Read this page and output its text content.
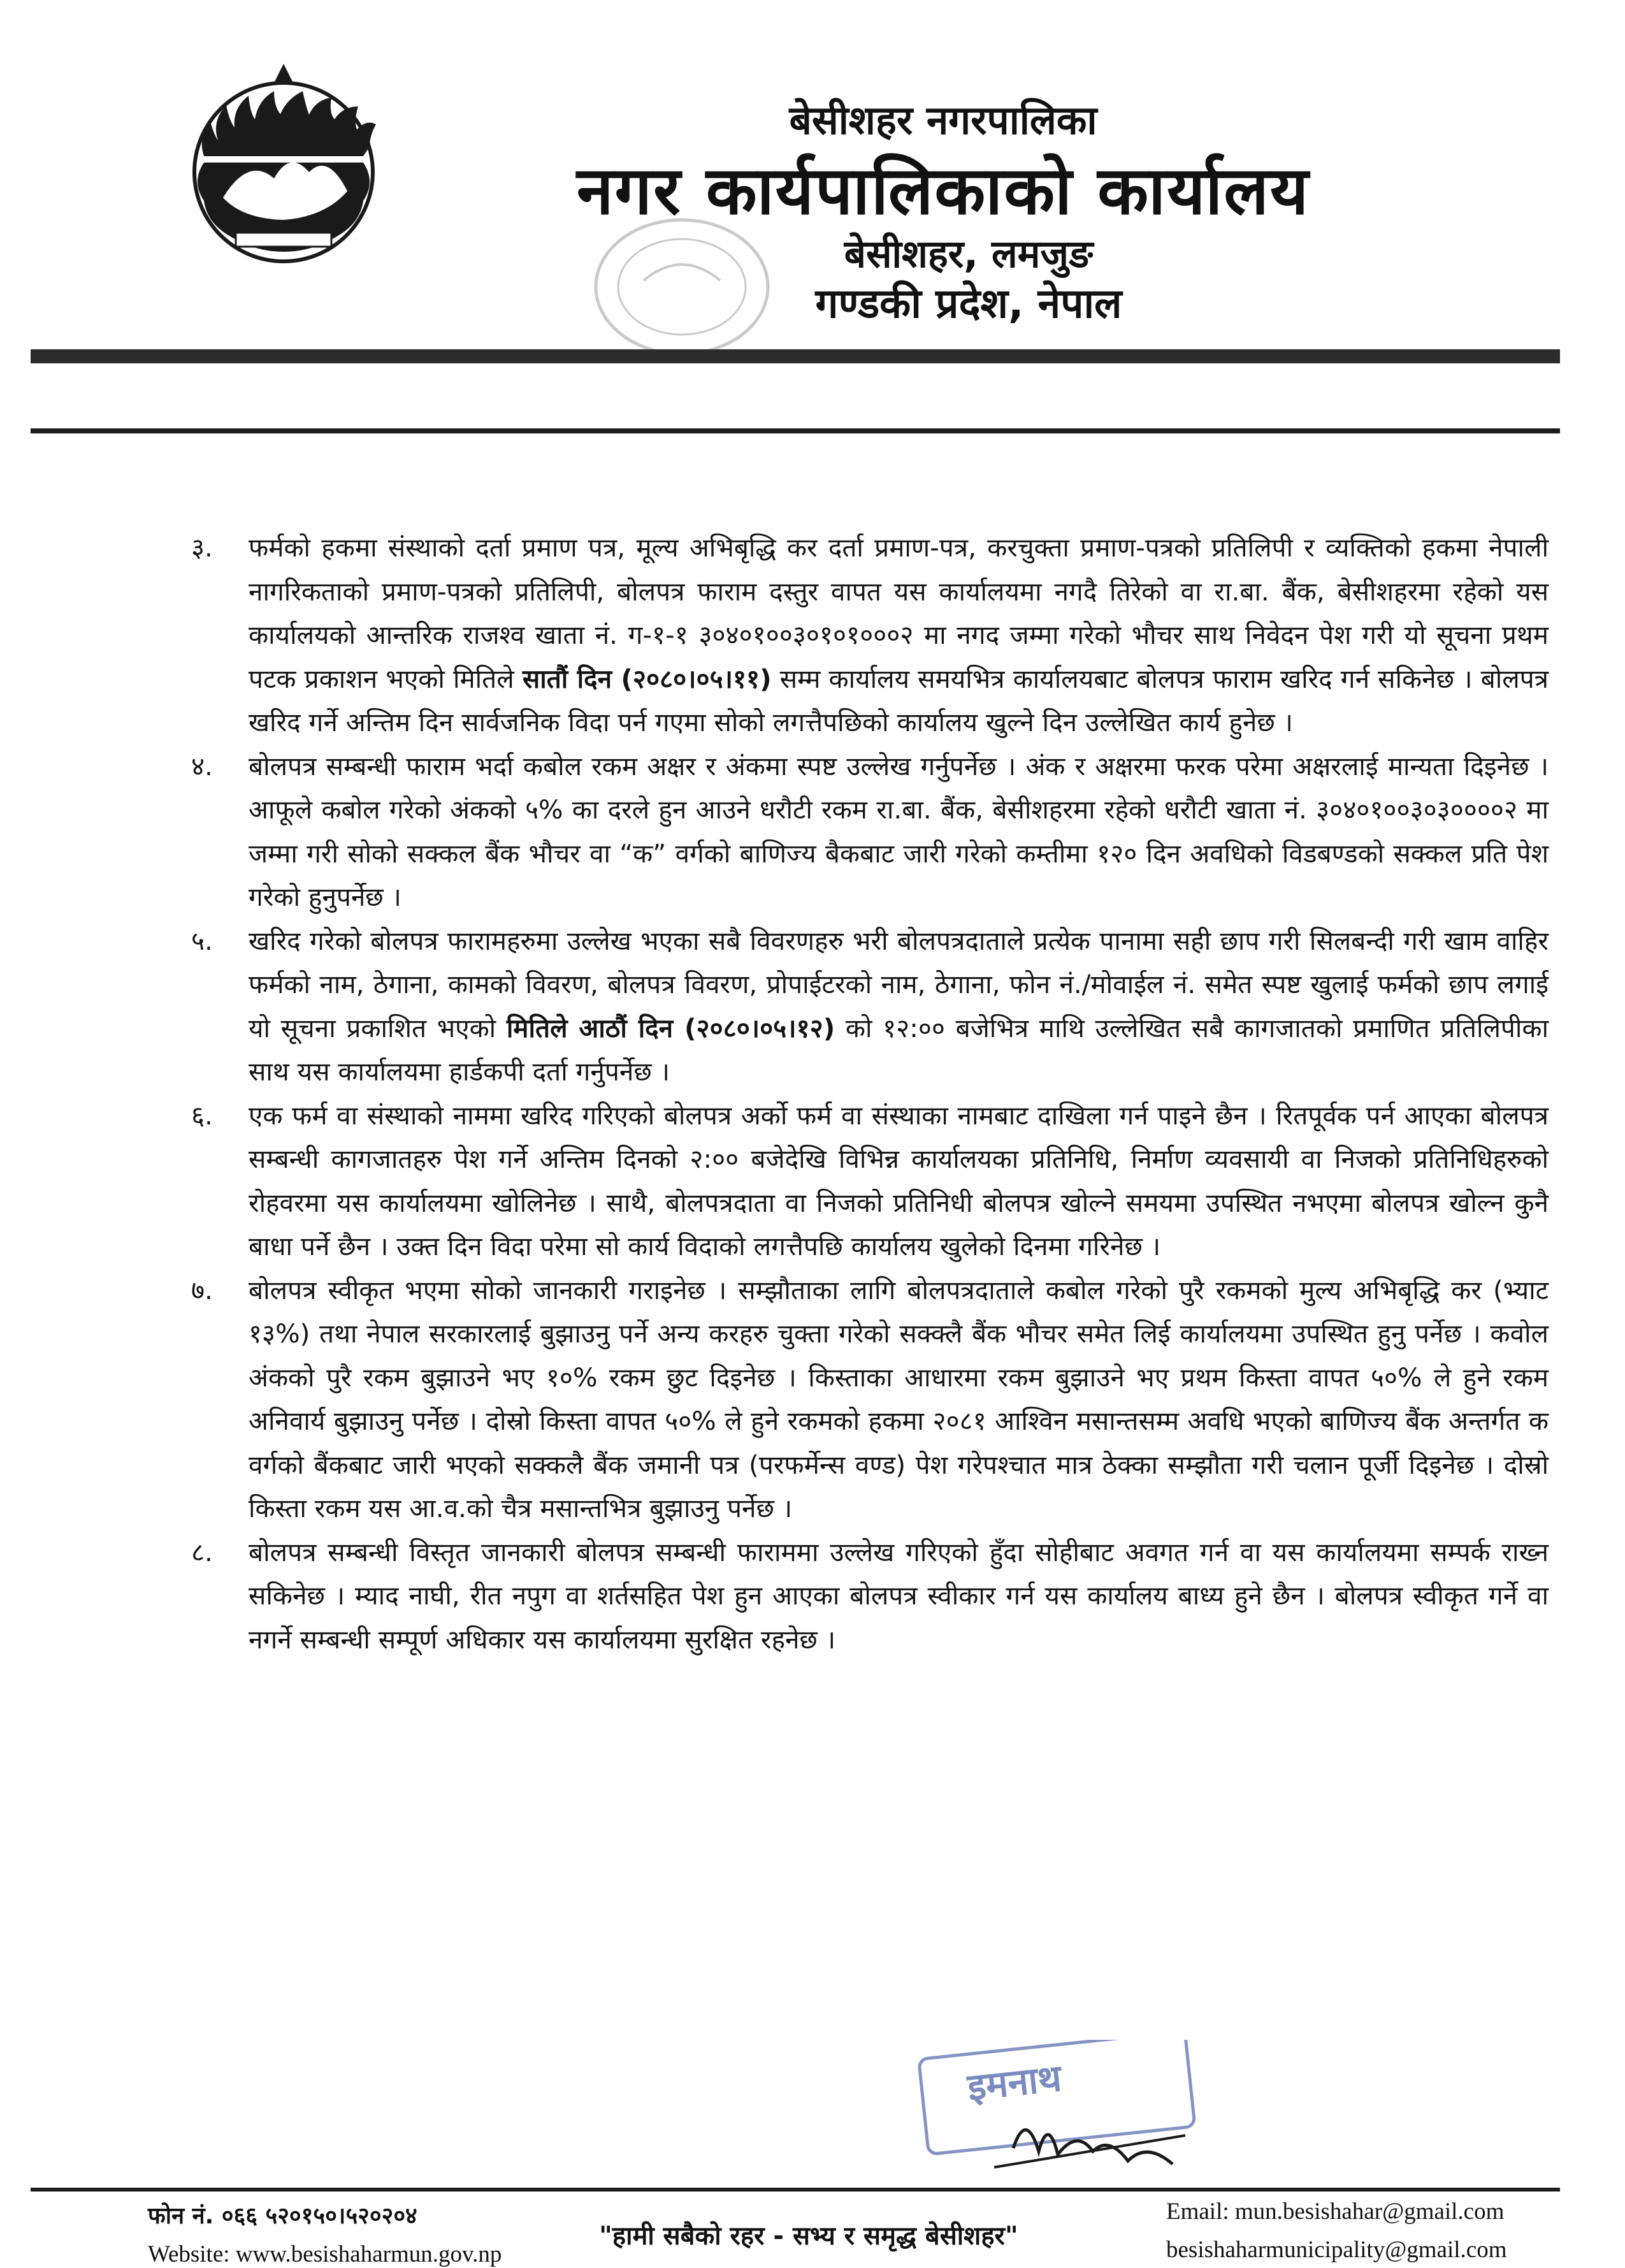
बेसीशहर नगरपालिका
नगर कार्यपालिकाको कार्यालय
बेसीशहर, लमजुङ
गण्डकी प्रदेश, नेपाल

३. फर्मको हकमा संस्थाको दर्ता प्रमाण पत्र, मूल्य अभिबृद्धि कर दर्ता प्रमाण-पत्र, करचुक्ता प्रमाण-पत्रको प्रतिलिपी र व्यक्तिको हकमा नेपाली नागरिकताको प्रमाण-पत्रको प्रतिलिपी, बोलपत्र फाराम दस्तुर वापत यस कार्यालयमा नगदै तिरेको वा रा.बा. बैंक, बेसीशहरमा रहेको यस कार्यालयको आन्तरिक राजश्व खाता नं. ग-१-१ ३०४०१००३०१०१०००२ मा नगद जम्मा गरेको भौचर साथ निवेदन पेश गरी यो सूचना प्रथम पटक प्रकाशन भएको मितिले सातौं दिन (२०८०।०५।११) सम्म कार्यालय समयभित्र कार्यालयबाट बोलपत्र फाराम खरिद गर्न सकिनेछ । बोलपत्र खरिद गर्ने अन्तिम दिन सार्वजनिक विदा पर्न गएमा सोको लगत्तैपछिको कार्यालय खुल्ने दिन उल्लेखित कार्य हुनेछ ।

४. बोलपत्र सम्बन्धी फाराम भर्दा कबोल रकम अक्षर र अंकमा स्पष्ट उल्लेख गर्नुपर्नेछ । अंक र अक्षरमा फरक परेमा अक्षरलाई मान्यता दिइनेछ । आफूले कबोल गरेको अंकको ५% का दरले हुन आउने धरौटी रकम रा.बा. बैंक, बेसीशहरमा रहेको धरौटी खाता नं. ३०४०१००३०३००००२ मा जम्मा गरी सोको सक्कल बैंक भौचर वा “क” वर्गको बाणिज्य बैकबाट जारी गरेको कम्तीमा १२० दिन अवधिको विडबण्डको सक्कल प्रति पेश गरेको हुनुपर्नेछ ।

५. खरिद गरेको बोलपत्र फारामहरुमा उल्लेख भएका सबै विवरणहरु भरी बोलपत्रदाताले प्रत्येक पानामा सही छाप गरी सिलबन्दी गरी खाम वाहिर फर्मको नाम, ठेगाना, कामको विवरण, बोलपत्र विवरण, प्रोपाईटरको नाम, ठेगाना, फोन नं./मोवाईल नं. समेत स्पष्ट खुलाई फर्मको छाप लगाई यो सूचना प्रकाशित भएको मितिले आठौं दिन (२०८०।०५।१२) को १२:०० बजेभित्र माथि उल्लेखित सबै कागजातको प्रमाणित प्रतिलिपीका साथ यस कार्यालयमा हार्डकपी दर्ता गर्नुपर्नेछ ।

६. एक फर्म वा संस्थाको नाममा खरिद गरिएको बोलपत्र अर्को फर्म वा संस्थाका नामबाट दाखिला गर्न पाइने छैन । रितपूर्वक पर्न आएका बोलपत्र सम्बन्धी कागजातहरु पेश गर्ने अन्तिम दिनको २:०० बजेदेखि विभिन्न कार्यालयका प्रतिनिधि, निर्माण व्यवसायी वा निजको प्रतिनिधिहरुको रोहवरमा यस कार्यालयमा खोलिनेछ । साथै, बोलपत्रदाता वा निजको प्रतिनिधी बोलपत्र खोल्ने समयमा उपस्थित नभएमा बोलपत्र खोल्न कुनै बाधा पर्ने छैन । उक्त दिन विदा परेमा सो कार्य विदाको लगत्तैपछि कार्यालय खुलेको दिनमा गरिनेछ ।

७. बोलपत्र स्वीकृत भएमा सोको जानकारी गराइनेछ । सम्झौताका लागि बोलपत्रदाताले कबोल गरेको पुरै रकमको मुल्य अभिबृद्धि कर (भ्याट १३%) तथा नेपाल सरकारलाई बुझाउनु पर्ने अन्य करहरु चुक्ता गरेको सक्क्लै बैंक भौचर समेत लिई कार्यालयमा उपस्थित हुनु पर्नेछ । कवोल अंकको पुरै रकम बुझाउने भए १०% रकम छुट दिइनेछ । किस्ताका आधारमा रकम बुझाउने भए प्रथम किस्ता वापत ५०% ले हुने रकम अनिवार्य बुझाउनु पर्नेछ । दोस्रो किस्ता वापत ५०% ले हुने रकमको हकमा २०८१ आश्विन मसान्तसम्म अवधि भएको बाणिज्य बैंक अन्तर्गत क वर्गको बैंकबाट जारी भएको सक्कलै बैंक जमानी पत्र (परफर्मेन्स वण्ड) पेश गरेपश्चात मात्र ठेक्का सम्झौता गरी चलान पूर्जी दिइनेछ । दोस्रो किस्ता रकम यस आ.व.को चैत्र मसान्तभित्र बुझाउनु पर्नेछ ।

८. बोलपत्र सम्बन्धी विस्तृत जानकारी बोलपत्र सम्बन्धी फाराममा उल्लेख गरिएको हुँदा सोहीबाट अवगत गर्न वा यस कार्यालयमा सम्पर्क राख्न सकिनेछ । म्याद नाघी, रीत नपुग वा शर्तसहित पेश हुन आएका बोलपत्र स्वीकार गर्न यस कार्यालय बाध्य हुने छैन । बोलपत्र स्वीकृत गर्ने वा नगर्ने सम्बन्धी सम्पूर्ण अधिकार यस कार्यालयमा सुरक्षित रहनेछ ।

इमनाथ
फोन नं. ०६६ ५२०१५०।५२०२०४
Website: www.besishaharmun.gov.np
"हामी सबैको रहर - सभ्य र समृद्ध बेसीशहर"
Email: mun.besishahar@gmail.com
besishaharmunicipality@gmail.com
